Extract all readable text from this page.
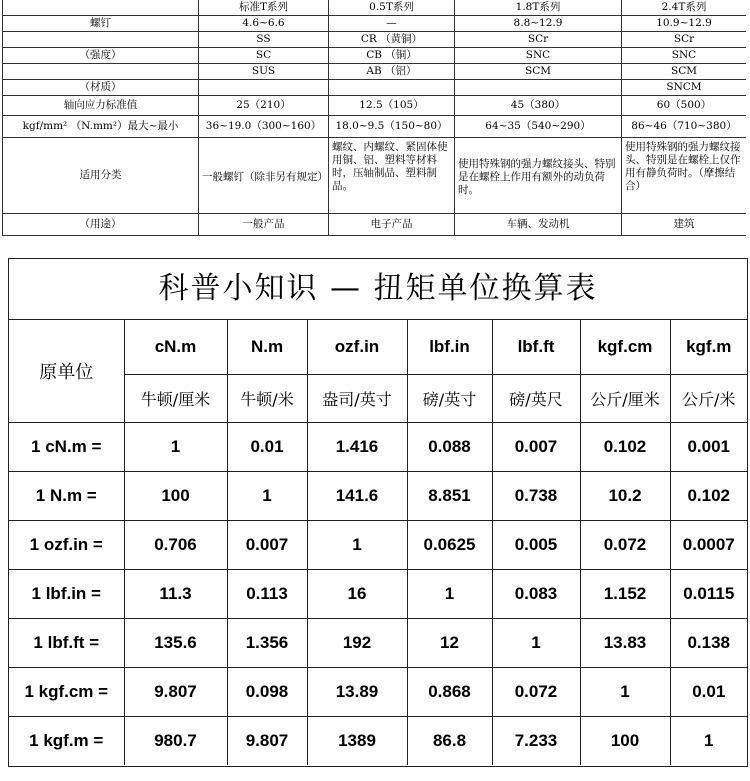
	标准T系列	0.5T系列	1.8T系列	2.4T系列
螺钉	4.6~6.6	—	8.8~12.9	10.9~12.9
	SS	CR （黄铜）	SCr	SCr
（强度）	SC	CB （铜）	SNC	SNC
	SUS	AB （铝）	SCM	SCM
（材质）				SNCM
轴向应力标准值	25（210）	12.5（105）	45（380）	60（500）
kgf/mm² （N.mm²）最大~最小	36~19.0（300~160）	18.0~9.5（150~80）	64~35（540~290）	86~46（710~380）
适用分类	一般螺钉（除非另有规定）	螺纹、内螺纹、紧固体使用铜、铝、塑料等材料时，压轴制品、塑料制品。	使用特殊钢的强力螺纹接头、特别是在螺栓上作用有额外的动负荷时。	使用特殊钢的强力螺纹接头、特别是在螺栓上仅作用有静负荷时。（摩擦结合）
（用途）	一般产品	电子产品	车辆、发动机	建筑
科普小知识 — 扭矩单位换算表
原单位	cN.m	N.m	ozf.in	lbf.in	lbf.ft	kgf.cm	kgf.m
	牛顿/厘米	牛顿/米	盎司/英寸	磅/英寸	磅/英尺	公斤/厘米	公斤/米
1 cN.m =	1	0.01	1.416	0.088	0.007	0.102	0.001
1 N.m =	100	1	141.6	8.851	0.738	10.2	0.102
1 ozf.in =	0.706	0.007	1	0.0625	0.005	0.072	0.0007
1 lbf.in =	11.3	0.113	16	1	0.083	1.152	0.0115
1 lbf.ft =	135.6	1.356	192	12	1	13.83	0.138
1 kgf.cm =	9.807	0.098	13.89	0.868	0.072	1	0.01
1 kgf.m =	980.7	9.807	1389	86.8	7.233	100	1
